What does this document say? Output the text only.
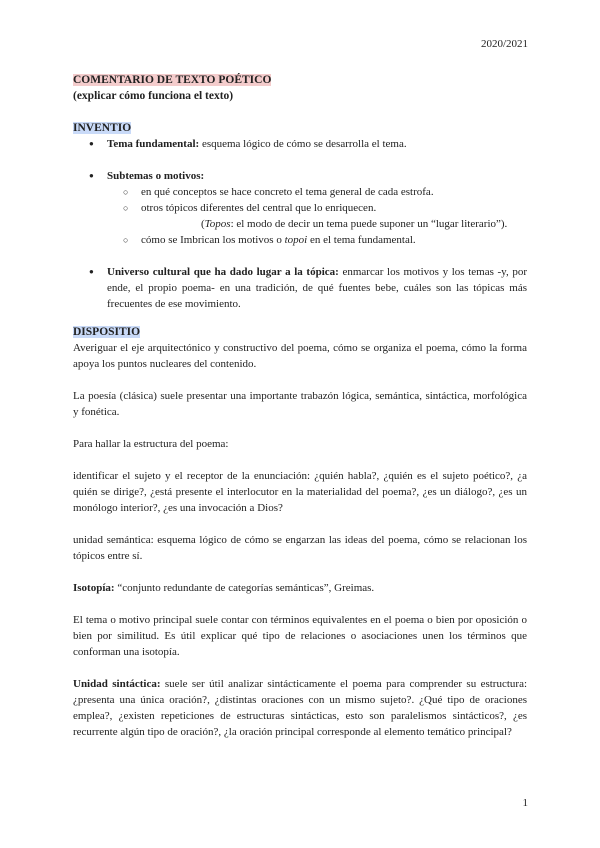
2020/2021
COMENTARIO DE TEXTO POÉTICO
(explicar cómo funciona el texto)
INVENTIO
● Tema fundamental: esquema lógico de cómo se desarrolla el tema.
● Subtemas o motivos:
○ en qué conceptos se hace concreto el tema general de cada estrofa.
○ otros tópicos diferentes del central que lo enriquecen.
(Topos: el modo de decir un tema puede suponer un “lugar literario”).
○ cómo se Imbrican los motivos o topoi en el tema fundamental.
● Universo cultural que ha dado lugar a la tópica: enmarcar los motivos y los temas -y, por ende, el propio poema- en una tradición, de qué fuentes bebe, cuáles son las tópicas más frecuentes de ese movimiento.
DISPOSITIO

Averiguar el eje arquitectónico y constructivo del poema, cómo se organiza el poema, cómo la forma apoya los puntos nucleares del contenido.

La poesía (clásica) suele presentar una importante trabazón lógica, semántica, sintáctica, morfológica y fonética.

Para hallar la estructura del poema:

identificar el sujeto y el receptor de la enunciación: ¿quién habla?, ¿quién es el sujeto poético?, ¿a quién se dirige?, ¿está presente el interlocutor en la materialidad del poema?, ¿es un diálogo?, ¿es un monólogo interior?, ¿es una invocación a Dios?

unidad semántica: esquema lógico de cómo se engarzan las ideas del poema, cómo se relacionan los tópicos entre sí.

Isotopía: “conjunto redundante de categorías semánticas”, Greimas.

El tema o motivo principal suele contar con términos equivalentes en el poema o bien por oposición o bien por similitud. Es útil explicar qué tipo de relaciones o asociaciones unen los términos que conforman una isotopía.

Unidad sintáctica: suele ser útil analizar sintácticamente el poema para comprender su estructura: ¿presenta una única oración?, ¿distintas oraciones con un mismo sujeto?. ¿Qué tipo de oraciones emplea?, ¿existen repeticiones de estructuras sintácticas, esto son paralelismos sintácticos?, ¿es recurrente algún tipo de oración?, ¿la oración principal corresponde al elemento temático principal?

1
